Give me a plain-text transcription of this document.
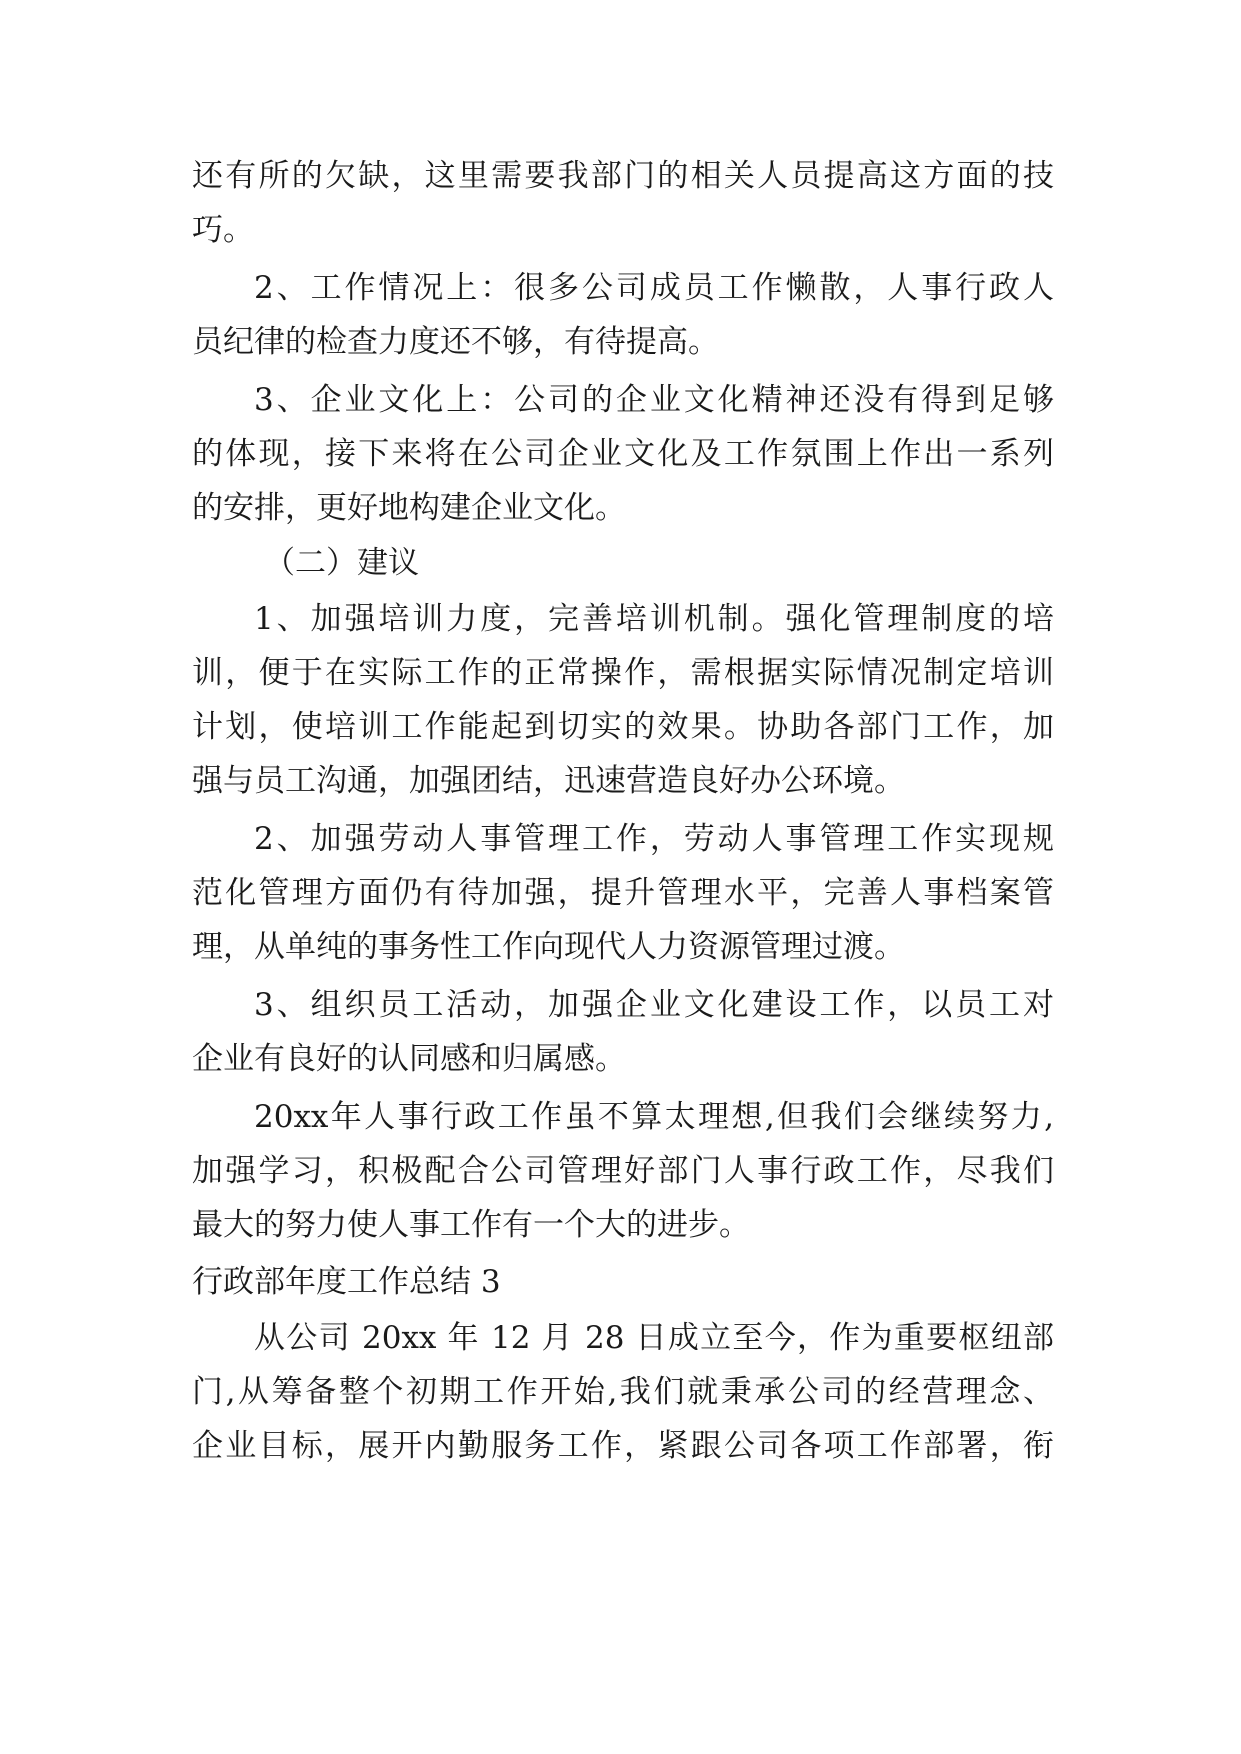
还有所的欠缺，这里需要我部门的相关人员提高这方面的技
巧。
2、工作情况上：很多公司成员工作懒散，人事行政人
员纪律的检查力度还不够，有待提高。
3、企业文化上：公司的企业文化精神还没有得到足够
的体现，接下来将在公司企业文化及工作氛围上作出一系列
的安排，更好地构建企业文化。
（二）建议
1、加强培训力度，完善培训机制。强化管理制度的培
训，便于在实际工作的正常操作，需根据实际情况制定培训
计划，使培训工作能起到切实的效果。协助各部门工作，加
强与员工沟通，加强团结，迅速营造良好办公环境。
2、加强劳动人事管理工作，劳动人事管理工作实现规
范化管理方面仍有待加强，提升管理水平，完善人事档案管
理，从单纯的事务性工作向现代人力资源管理过渡。
3、组织员工活动，加强企业文化建设工作，以员工对
企业有良好的认同感和归属感。
20xx年人事行政工作虽不算太理想,但我们会继续努力,
加强学习，积极配合公司管理好部门人事行政工作，尽我们
最大的努力使人事工作有一个大的进步。
行政部年度工作总结 3
从公司 20xx 年 12 月 28 日成立至今，作为重要枢纽部
门,从筹备整个初期工作开始,我们就秉承公司的经营理念、
企业目标，展开内勤服务工作，紧跟公司各项工作部署，衔
